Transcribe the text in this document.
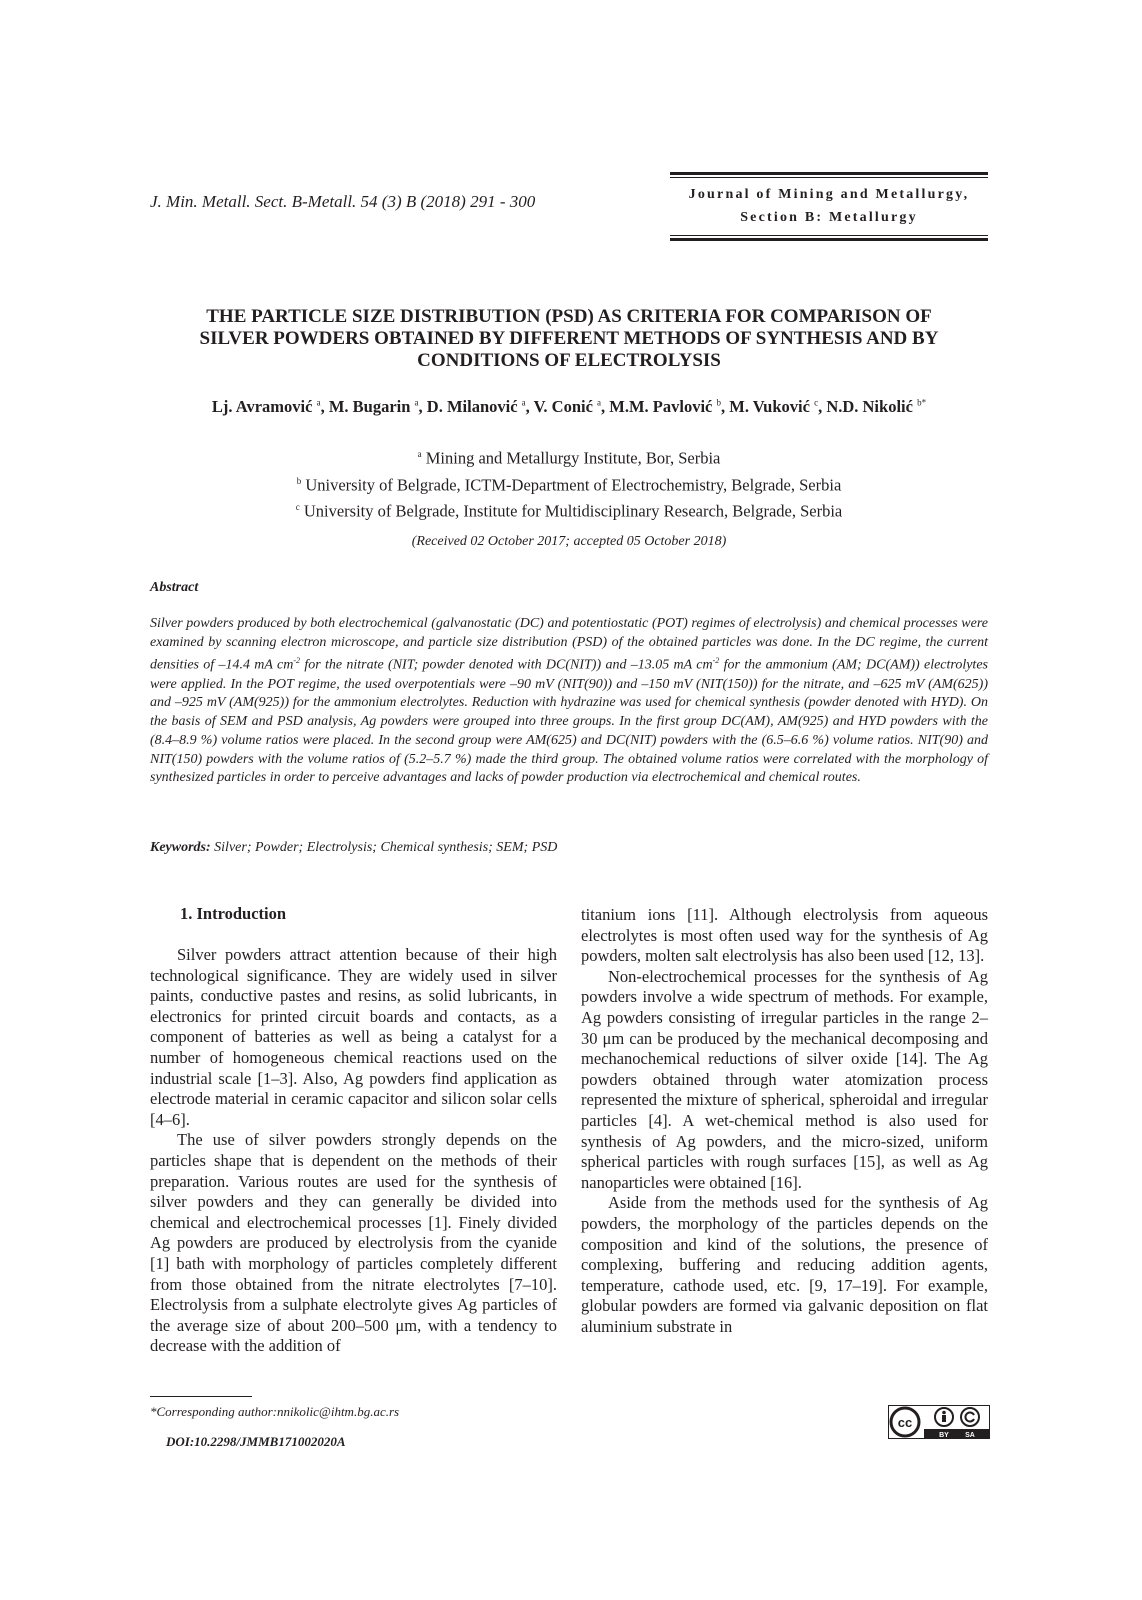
J. Min. Metall. Sect. B-Metall. 54 (3) B (2018) 291 - 300	Journal of Mining and Metallurgy,
Section B: Metallurgy
THE PARTICLE SIZE DISTRIBUTION (PSD) AS CRITERIA FOR COMPARISON OF
SILVER POWDERS OBTAINED BY DIFFERENT METHODS OF SYNTHESIS AND BY
CONDITIONS OF ELECTROLYSIS
Lj. Avramović $^a$, M. Bugarin $^a$, D. Milanović $^a$, V. Conić $^a$, M.M. Pavlović $^b$, M. Vuković $^c$, N.D. Nikolić $^{b*}$
$^a$ Mining and Metallurgy Institute, Bor, Serbia
$^b$ University of Belgrade, ICTM-Department of Electrochemistry, Belgrade, Serbia
$^c$ University of Belgrade, Institute for Multidisciplinary Research, Belgrade, Serbia
(Received 02 October 2017; accepted 05 October 2018)
Abstract
Silver powders produced by both electrochemical (galvanostatic (DC) and potentiostatic (POT) regimes of electrolysis) and chemical processes were examined by scanning electron microscope, and particle size distribution (PSD) of the obtained particles was done. In the DC regime, the current densities of –14.4 mA $cm^{-2}$ for the nitrate (NIT; powder denoted with DC(NIT)) and –13.05 mA $cm^{-2}$ for the ammonium (AM; DC(AM)) electrolytes were applied. In the POT regime, the used overpotentials were –90 mV (NIT(90)) and –150 mV (NIT(150)) for the nitrate, and –625 mV (AM(625)) and –925 mV (AM(925)) for the ammonium electrolytes. Reduction with hydrazine was used for chemical synthesis (powder denoted with HYD). On the basis of SEM and PSD analysis, Ag powders were grouped into three groups. In the first group DC(AM), AM(925) and HYD powders with the (8.4–8.9 %) volume ratios were placed. In the second group were AM(625) and DC(NIT) powders with the (6.5–6.6 %) volume ratios. NIT(90) and NIT(150) powders with the volume ratios of (5.2–5.7 %) made the third group. The obtained volume ratios were correlated with the morphology of synthesized particles in order to perceive advantages and lacks of powder production via electrochemical and chemical routes.
Keywords: Silver; Powder; Electrolysis; Chemical synthesis; SEM; PSD
1. Introduction

Silver powders attract attention because of their high technological significance. They are widely used in silver paints, conductive pastes and resins, as solid lubricants, in electronics for printed circuit boards and contacts, as a component of batteries as well as being a catalyst for a number of homogeneous chemical reactions used on the industrial scale [1–3]. Also, Ag powders find application as electrode material in ceramic capacitor and silicon solar cells [4–6].

The use of silver powders strongly depends on the particles shape that is dependent on the methods of their preparation. Various routes are used for the synthesis of silver powders and they can generally be divided into chemical and electrochemical processes [1]. Finely divided Ag powders are produced by electrolysis from the cyanide [1] bath with morphology of particles completely different from those obtained from the nitrate electrolytes [7–10]. Electrolysis from a sulphate electrolyte gives Ag particles of the average size of about 200–500 μm, with a tendency to decrease with the addition of

titanium ions [11]. Although electrolysis from aqueous electrolytes is most often used way for the synthesis of Ag powders, molten salt electrolysis has also been used [12, 13].

Non-electrochemical processes for the synthesis of Ag powders involve a wide spectrum of methods. For example, Ag powders consisting of irregular particles in the range 2–30 μm can be produced by the mechanical decomposing and mechanochemical reductions of silver oxide [14]. The Ag powders obtained through water atomization process represented the mixture of spherical, spheroidal and irregular particles [4]. A wet-chemical method is also used for synthesis of Ag powders, and the micro-sized, uniform spherical particles with rough surfaces [15], as well as Ag nanoparticles were obtained [16].

Aside from the methods used for the synthesis of Ag powders, the morphology of the particles depends on the composition and kind of the solutions, the presence of complexing, buffering and reducing addition agents, temperature, cathode used, etc. [9, 17–19]. For example, globular powders are formed via galvanic deposition on flat aluminium substrate in

*Corresponding author:nnikolic@ihtm.bg.ac.rs
DOI:10.2298/JMMB171002020A
cc
BY SA
